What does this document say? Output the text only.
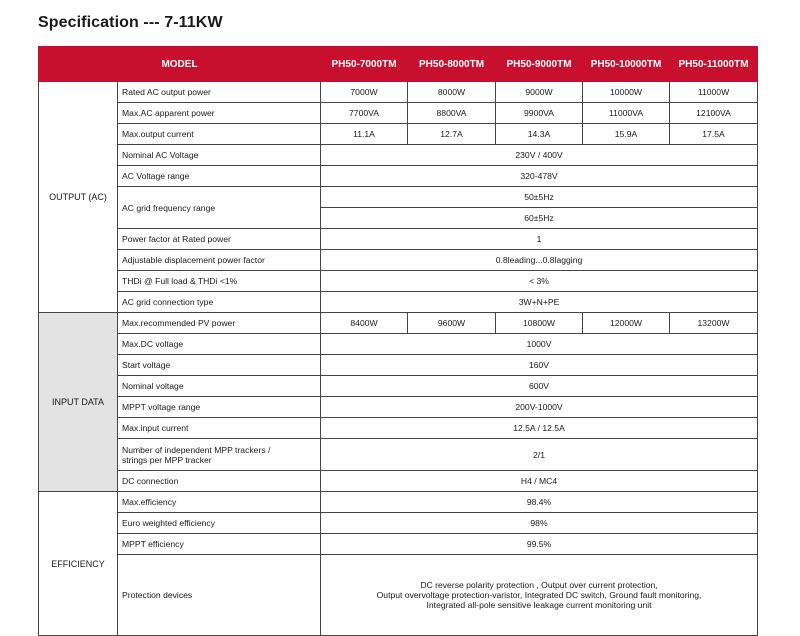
Specification --- 7-11KW
MODEL		PH50-7000TM	PH50-8000TM	PH50-9000TM	PH50-10000TM	PH50-11000TM
OUTPUT (AC)	Rated AC output power	7000W	8000W	9000W	10000W	11000W
	Max.AC apparent power	7700VA	8800VA	9900VA	11000VA	12100VA
	Max.output current	11.1A	12.7A	14.3A	15.9A	17.5A
	Nominal AC Voltage	230V / 400V				
	AC Voltage range	320-478V				
	AC grid frequency range	50±5Hz				
		60±5Hz				
	Power factor at Rated power	1				
	Adjustable displacement power factor	0.8leading...0.8lagging				
	THDi @ Full load & THDi <1%	< 3%				
	AC grid connection type	3W+N+PE				
INPUT DATA	Max.recommended PV power	8400W	9600W	10800W	12000W	13200W
	Max.DC voltage	1000V				
	Start voltage	160V				
	Nominal voltage	600V				
	MPPT voltage range	200V-1000V				
	Max.input current	12.5A / 12.5A				

	Number of independent MPP trackers /
strings per MPP tracker	2/1				
	DC connection	H4 / MC4				
EFFICIENCY	Max.efficiency	98.4%				
	Euro weighted efficiency	98%				
	MPPT efficiency	99.5%				
	Protection devices	DC reverse polarity protection , Output over current protection,
Output overvoltage protection-varistor, Integrated DC switch, Ground fault monitoring,
Integrated all-pole sensitive leakage current monitoring unit				
